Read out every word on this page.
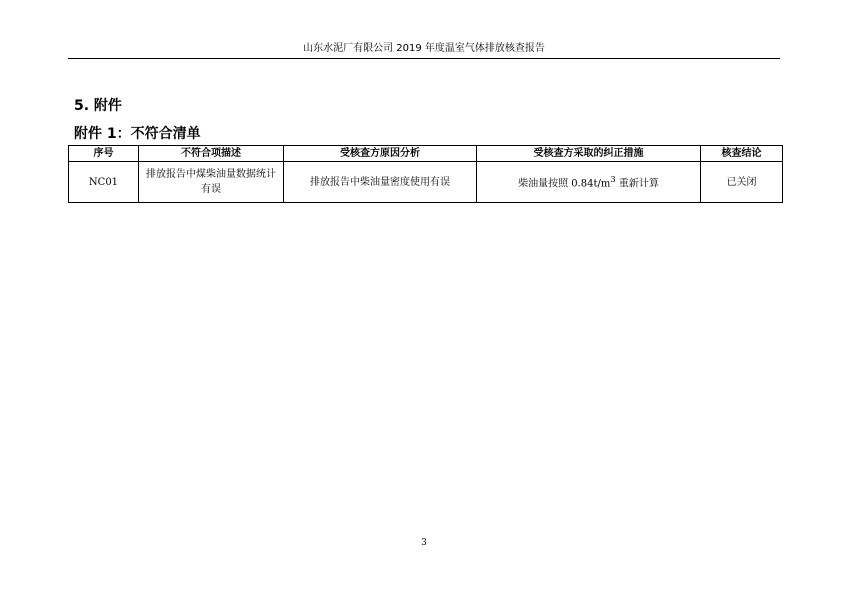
山东水泥厂有限公司 2019 年度温室气体排放核查报告
5. 附件
附件 1：不符合清单
序号	不符合项描述	受核查方原因分析	受核查方采取的纠正措施	核查结论
NC01	排放报告中煤柴油量数据统计有误	排放报告中柴油量密度使用有误	柴油量按照 $0.84t/m^3$ 重新计算	已关闭
3
